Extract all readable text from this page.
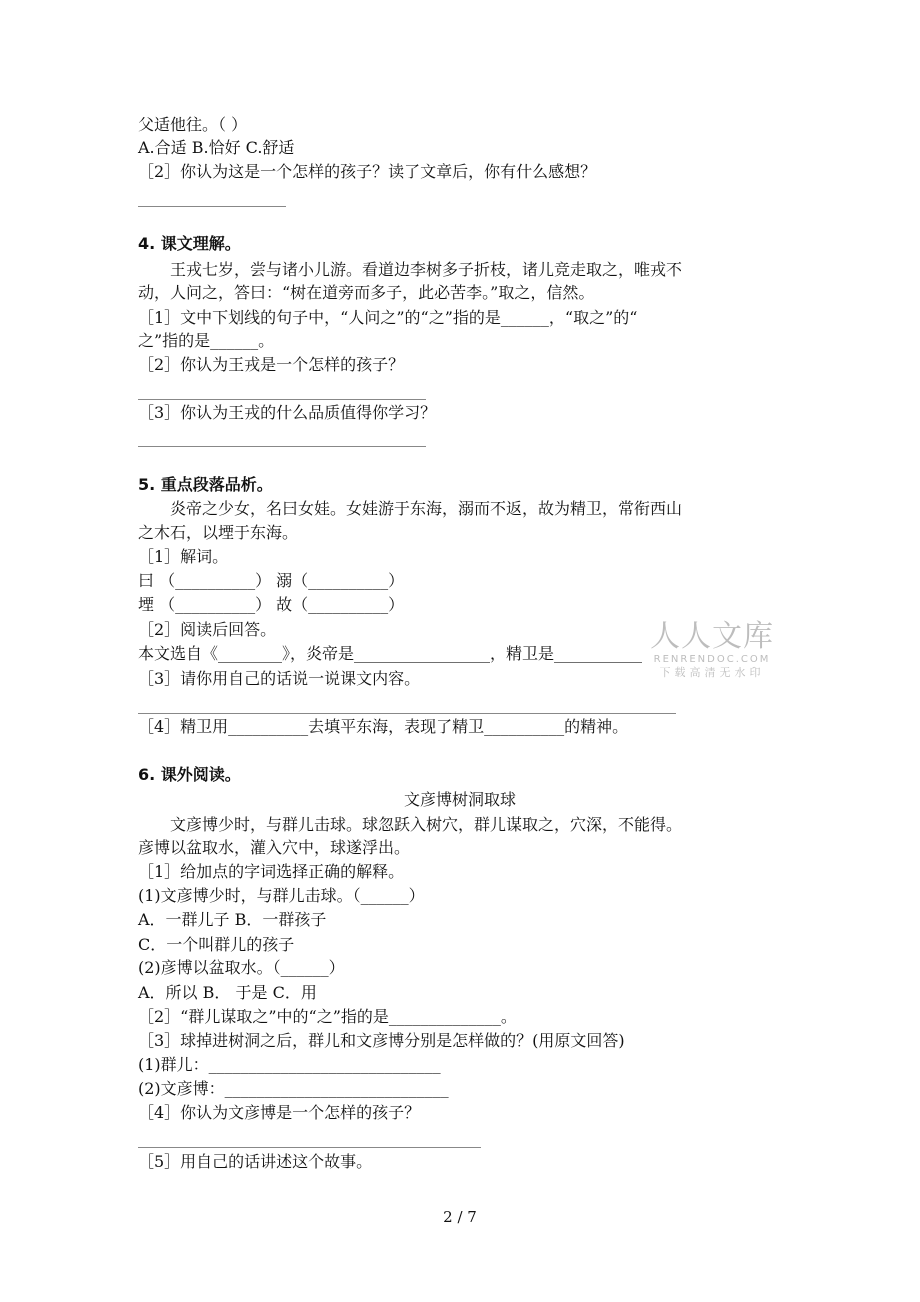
父适他往。（ ）
A.合适 B.恰好 C.舒适
［2］你认为这是一个怎样的孩子？读了文章后，你有什么感想？
4. 课文理解。
王戎七岁，尝与诸小儿游。看道边李树多子折枝，诸儿竞走取之，唯戎不
动，人问之，答曰：“树在道旁而多子，此必苦李。”取之，信然。
［1］文中下划线的句子中，“人问之”的“之”指的是______，“取之”的“
之”指的是______。
［2］你认为王戎是一个怎样的孩子？
［3］你认为王戎的什么品质值得你学习？
5. 重点段落品析。
炎帝之少女，名曰女娃。女娃游于东海，溺而不返，故为精卫，常衔西山
之木石，以堙于东海。
［1］解词。
曰 （__________） 溺（__________）
堙 （__________） 故（__________）
［2］阅读后回答。
本文选自《________》，炎帝是_________________，精卫是___________
［3］请你用自己的话说一说课文内容。
［4］精卫用__________去填平东海，表现了精卫__________的精神。
6. 课外阅读。
文彦博树洞取球
文彦博少时，与群儿击球。球忽跃入树穴，群儿谋取之，穴深，不能得。
彦博以盆取水，灌入穴中，球遂浮出。
［1］给加点的字词选择正确的解释。
(1)文彦博少时，与群儿击球。（______）
A．一群儿子 B．一群孩子
C．一个叫群儿的孩子
(2)彦博以盆取水。（______）
A．所以 B． 于是 C．用
［2］“群儿谋取之”中的“之”指的是______________。
［3］球掉进树洞之后，群儿和文彦博分别是怎样做的？(用原文回答)
(1)群儿：_____________________________
(2)文彦博：____________________________
［4］你认为文彦博是一个怎样的孩子？
［5］用自己的话讲述这个故事。
2 / 7
人人文库
RENRENDOC.COM
下载高清无水印
